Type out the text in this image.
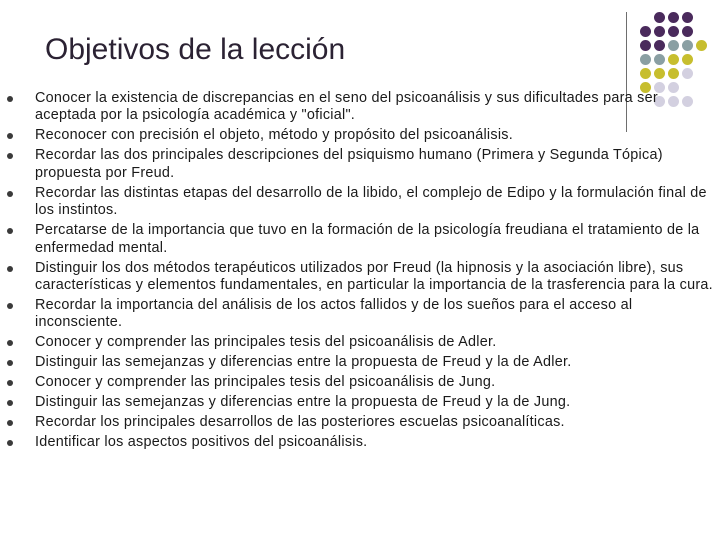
Objetivos de la lección
Conocer la existencia de discrepancias en el seno del psicoanálisis y sus dificultades para ser aceptada por la psicología académica y "oficial".
Reconocer con precisión el objeto, método y propósito del psicoanálisis.
Recordar las dos principales descripciones del psiquismo humano (Primera y Segunda Tópica) propuesta por Freud.
Recordar las distintas etapas del desarrollo de la libido, el complejo de Edipo y la formulación final de los instintos.
Percatarse de la importancia que tuvo en la formación de la psicología freudiana el tratamiento de la enfermedad mental.
Distinguir los dos métodos terapéuticos utilizados por Freud (la hipnosis y la asociación libre), sus características y elementos fundamentales, en particular la importancia de la trasferencia para la cura.
Recordar la importancia del análisis de los actos fallidos y de los sueños para el acceso al inconsciente.
Conocer y comprender las principales tesis del psicoanálisis de Adler.
Distinguir las semejanzas y diferencias entre la propuesta de Freud y la de Adler.
Conocer y comprender las principales tesis del psicoanálisis de Jung.
Distinguir las semejanzas y diferencias entre la propuesta de Freud y la de Jung.
Recordar los principales desarrollos de las posteriores escuelas psicoanalíticas.
Identificar los aspectos positivos del psicoanálisis.
